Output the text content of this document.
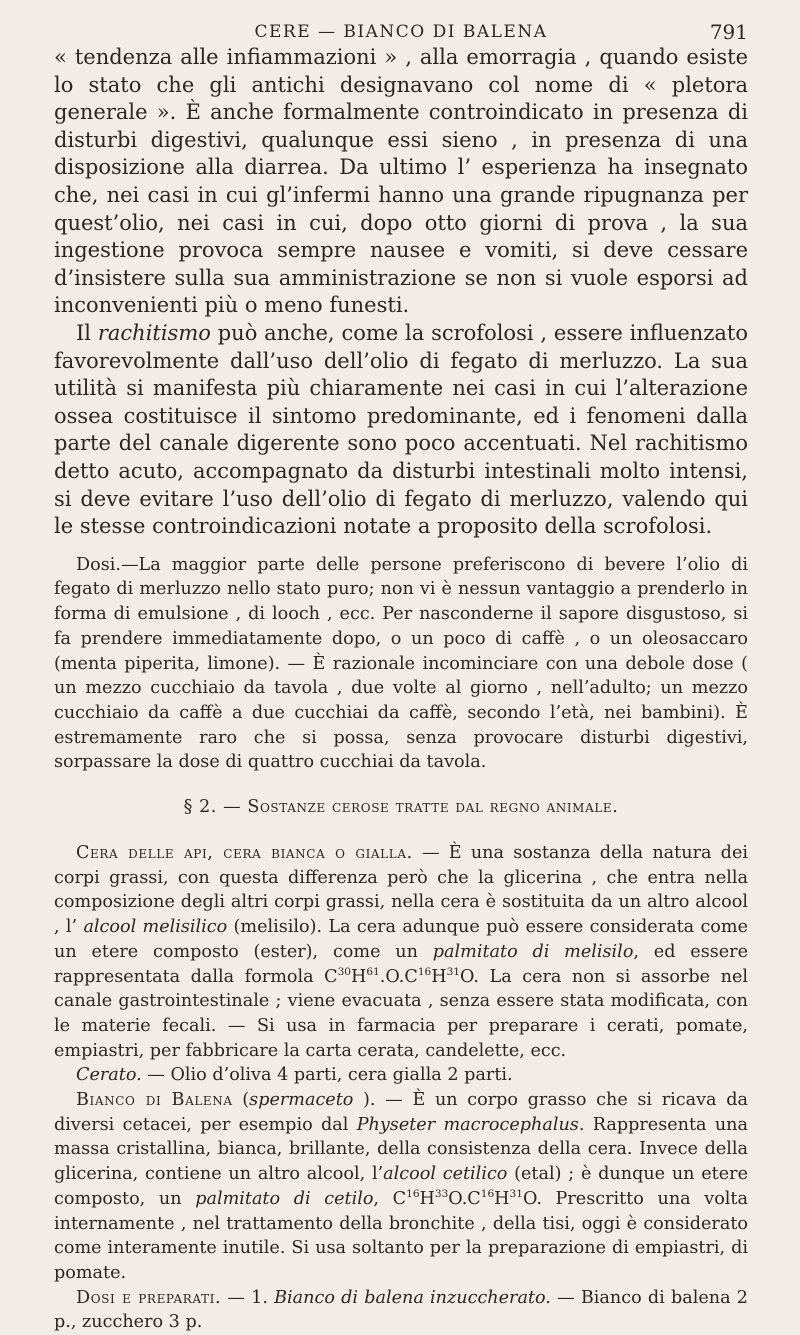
CERE — BIANCO DI BALENA	791

« tendenza alle infiammazioni » , alla emorragia , quando esiste lo stato che gli antichi designavano col nome di « pletora generale ». È anche formalmente controindicato in presenza di disturbi digestivi, qualunque essi sieno , in presenza di una disposizione alla diarrea. Da ultimo l’ esperienza ha insegnato che, nei casi in cui gl’infermi hanno una grande ripugnanza per quest’olio, nei casi in cui, dopo otto giorni di prova , la sua ingestione provoca sempre nausee e vomiti, si deve cessare d’insistere sulla sua amministrazione se non si vuole esporsi ad inconvenienti più o meno funesti.

Il rachitismo può anche, come la scrofolosi , essere influenzato favorevolmente dall’uso dell’olio di fegato di merluzzo. La sua utilità si manifesta più chiaramente nei casi in cui l’alterazione ossea costituisce il sintomo predominante, ed i fenomeni dalla parte del canale digerente sono poco accentuati. Nel rachitismo detto acuto, accompagnato da disturbi intestinali molto intensi, si deve evitare l’uso dell’olio di fegato di merluzzo, valendo qui le stesse controindicazioni notate a proposito della scrofolosi.

Dosi.—La maggior parte delle persone preferiscono di bevere l’olio di fegato di merluzzo nello stato puro; non vi è nessun vantaggio a prenderlo in forma di emulsione , di looch , ecc. Per nasconderne il sapore disgustoso, si fa prendere immediatamente dopo, o un poco di caffè , o un oleosaccaro (menta piperita, limone). — È razionale incominciare con una debole dose ( un mezzo cucchiaio da tavola , due volte al giorno , nell’adulto; un mezzo cucchiaio da caffè a due cucchiai da caffè, secondo l’età, nei bambini). È estremamente raro che si possa, senza provocare disturbi digestivi, sorpassare la dose di quattro cucchiai da tavola.

§ 2. — Sostanze cerose tratte dal regno animale.

Cera delle api, cera bianca o gialla. — È una sostanza della natura dei corpi grassi, con questa differenza però che la glicerina , che entra nella composizione degli altri corpi grassi, nella cera è sostituita da un altro alcool , l’ alcool melisilico (melisilo). La cera adunque può essere considerata come un etere composto (ester), come un palmitato di melisilo, ed essere rappresentata dalla formola $C^{30}H^{61}.O.C^{16}H^{31}O$. La cera non si assorbe nel canale gastrointestinale ; viene evacuata , senza essere stata modificata, con le materie fecali. — Si usa in farmacia per preparare i cerati, pomate, empiastri, per fabbricare la carta cerata, candelette, ecc.

Cerato. — Olio d’oliva 4 parti, cera gialla 2 parti.

Bianco di Balena (spermaceto ). — È un corpo grasso che si ricava da diversi cetacei, per esempio dal Physeter macrocephalus. Rappresenta una massa cristallina, bianca, brillante, della consistenza della cera. Invece della glicerina, contiene un altro alcool, l’alcool cetilico (etal) ; è dunque un etere composto, un palmitato di cetilo, $C^{16}H^{33}O.C^{16}H^{31}O$. Prescritto una volta internamente , nel trattamento della bronchite , della tisi, oggi è considerato come interamente inutile. Si usa soltanto per la preparazione di empiastri, di pomate.

Dosi e preparati. — 1. Bianco di balena inzuccherato. — Bianco di balena 2 p., zucchero 3 p.
